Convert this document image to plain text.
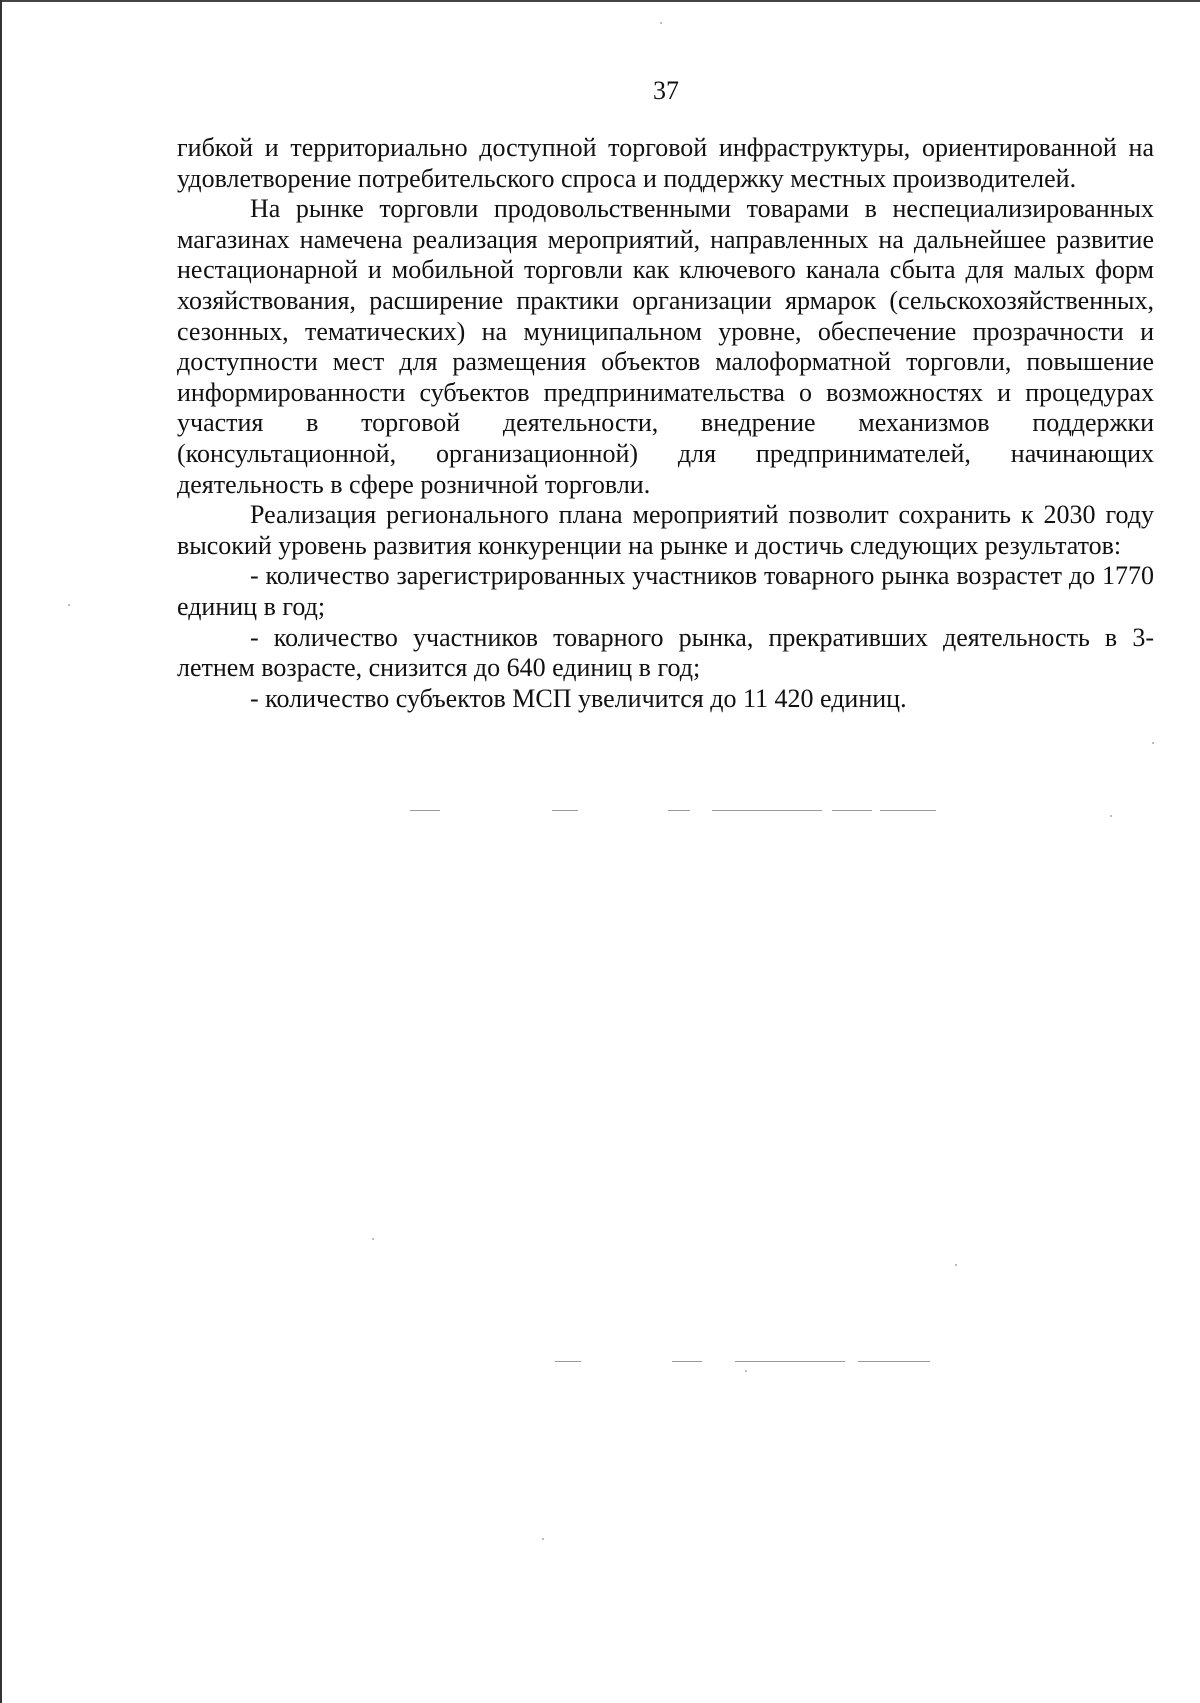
37

гибкой и территориально доступной торговой инфраструктуры, ориентированной на удовлетворение потребительского спроса и поддержку местных производителей.

На рынке торговли продовольственными товарами в неспециализированных магазинах намечена реализация мероприятий, направленных на дальнейшее развитие нестационарной и мобильной торговли как ключевого канала сбыта для малых форм хозяйствования, расширение практики организации ярмарок (сельскохозяйственных, сезонных, тематических) на муниципальном уровне, обеспечение прозрачности и доступности мест для размещения объектов малоформатной торговли, повышение информированности субъектов предпринимательства о возможностях и процедурах участия в торговой деятельности, внедрение механизмов поддержки (консультационной, организационной) для предпринимателей, начинающих деятельность в сфере розничной торговли.

Реализация регионального плана мероприятий позволит сохранить к 2030 году высокий уровень развития конкуренции на рынке и достичь следующих результатов:

- количество зарегистрированных участников товарного рынка возрастет до 1770 единиц в год;

- количество участников товарного рынка, прекративших деятельность в 3-летнем возрасте, снизится до 640 единиц в год;

- количество субъектов МСП увеличится до 11 420 единиц.
